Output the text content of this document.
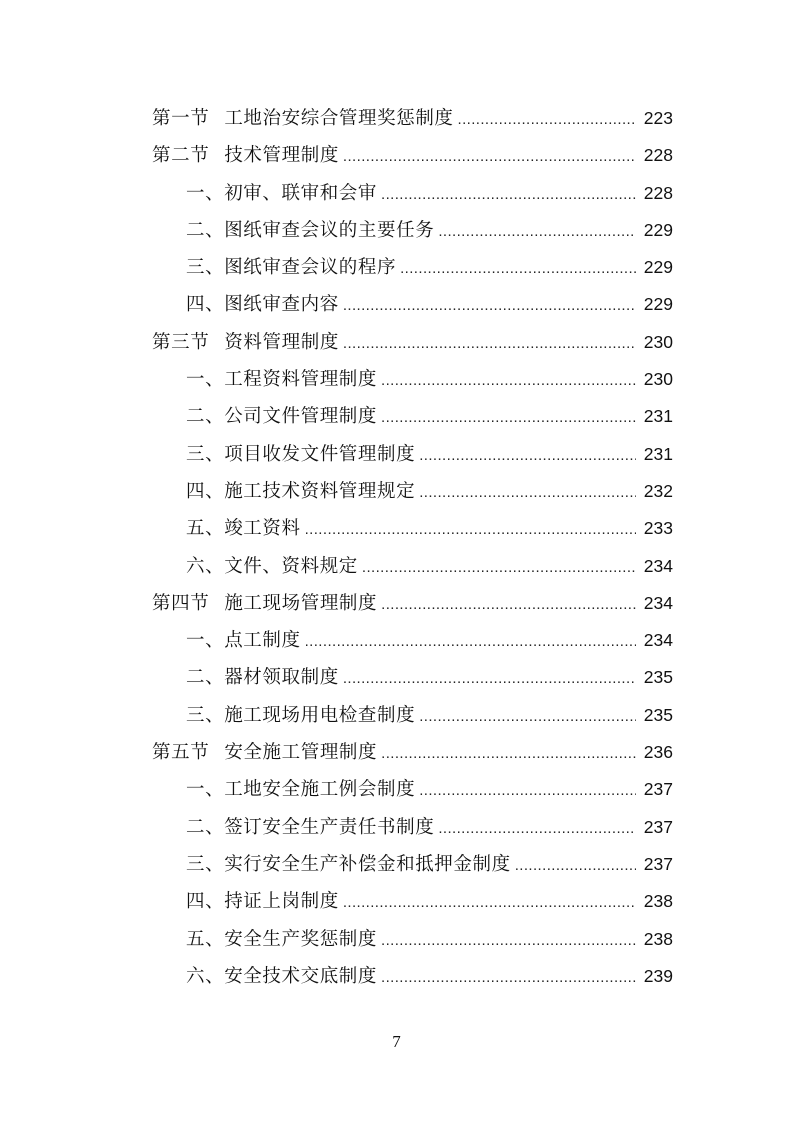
第一节 工地治安综合管理奖惩制度 .....	223
第二节 技术管理制度 .....	228
一、初审、联审和会审 .....	228
二、图纸审查会议的主要任务 .....	229
三、图纸审查会议的程序 .....	229
四、图纸审查内容 .....	229
第三节 资料管理制度 .....	230
一、工程资料管理制度 .....	230
二、公司文件管理制度 .....	231
三、项目收发文件管理制度 .....	231
四、施工技术资料管理规定 .....	232
五、竣工资料 .....	233
六、文件、资料规定 .....	234
第四节 施工现场管理制度 .....	234
一、点工制度 .....	234
二、器材领取制度 .....	235
三、施工现场用电检查制度 .....	235
第五节 安全施工管理制度 .....	236
一、工地安全施工例会制度 .....	237
二、签订安全生产责任书制度 .....	237
三、实行安全生产补偿金和抵押金制度 .....	237
四、持证上岗制度 .....	238
五、安全生产奖惩制度 .....	238
六、安全技术交底制度 .....	239
7
